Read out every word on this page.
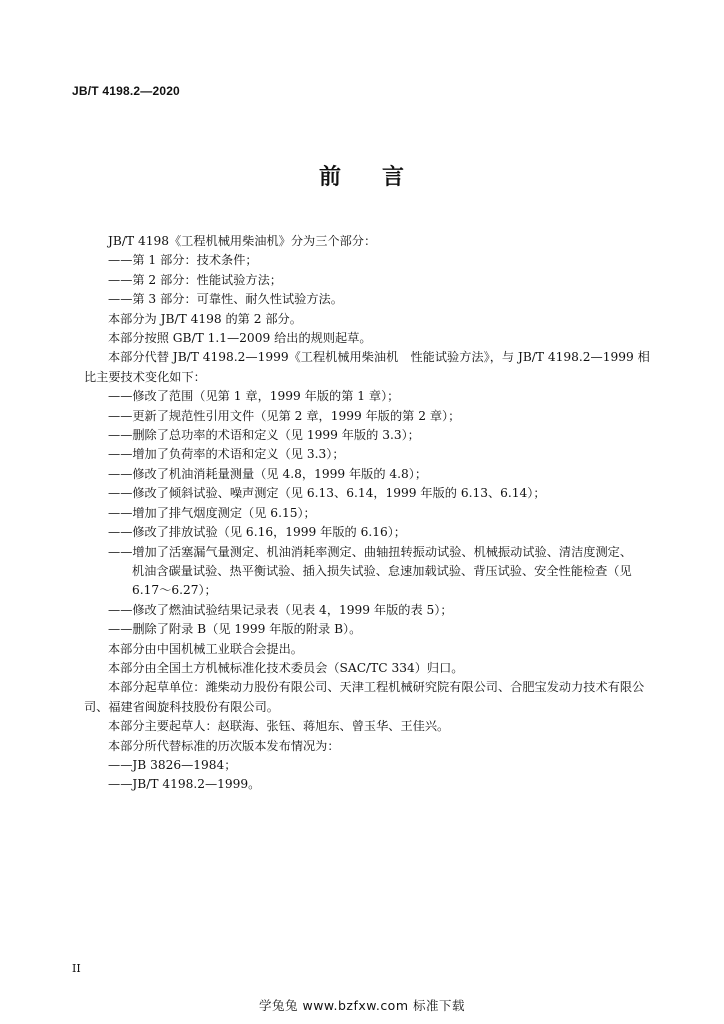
JB/T 4198.2—2020
前 言

JB/T 4198《工程机械用柴油机》分为三个部分：

——第 1 部分：技术条件；

——第 2 部分：性能试验方法；

——第 3 部分：可靠性、耐久性试验方法。

本部分为 JB/T 4198 的第 2 部分。

本部分按照 GB/T 1.1—2009 给出的规则起草。

本部分代替 JB/T 4198.2—1999《工程机械用柴油机　性能试验方法》，与 JB/T 4198.2—1999 相比主要技术变化如下：

——修改了范围（见第 1 章，1999 年版的第 1 章）；

——更新了规范性引用文件（见第 2 章，1999 年版的第 2 章）；

——删除了总功率的术语和定义（见 1999 年版的 3.3）；

——增加了负荷率的术语和定义（见 3.3）；

——修改了机油消耗量测量（见 4.8，1999 年版的 4.8）；

——修改了倾斜试验、噪声测定（见 6.13、6.14，1999 年版的 6.13、6.14）；

——增加了排气烟度测定（见 6.15）；

——修改了排放试验（见 6.16，1999 年版的 6.16）；

——增加了活塞漏气量测定、机油消耗率测定、曲轴扭转振动试验、机械振动试验、清洁度测定、
机油含碳量试验、热平衡试验、插入损失试验、怠速加载试验、背压试验、安全性能检查（见
6.17～6.27）；

——修改了燃油试验结果记录表（见表 4，1999 年版的表 5）；

——删除了附录 B（见 1999 年版的附录 B）。

本部分由中国机械工业联合会提出。

本部分由全国土方机械标准化技术委员会（SAC/TC 334）归口。

本部分起草单位：潍柴动力股份有限公司、天津工程机械研究院有限公司、合肥宝发动力技术有限公司、福建省闽旋科技股份有限公司。

本部分主要起草人：赵联海、张钰、蒋旭东、曾玉华、王佳兴。

本部分所代替标准的历次版本发布情况为：

——JB 3826—1984；

——JB/T 4198.2—1999。

II
学兔兔 www.bzfxw.com 标准下载
